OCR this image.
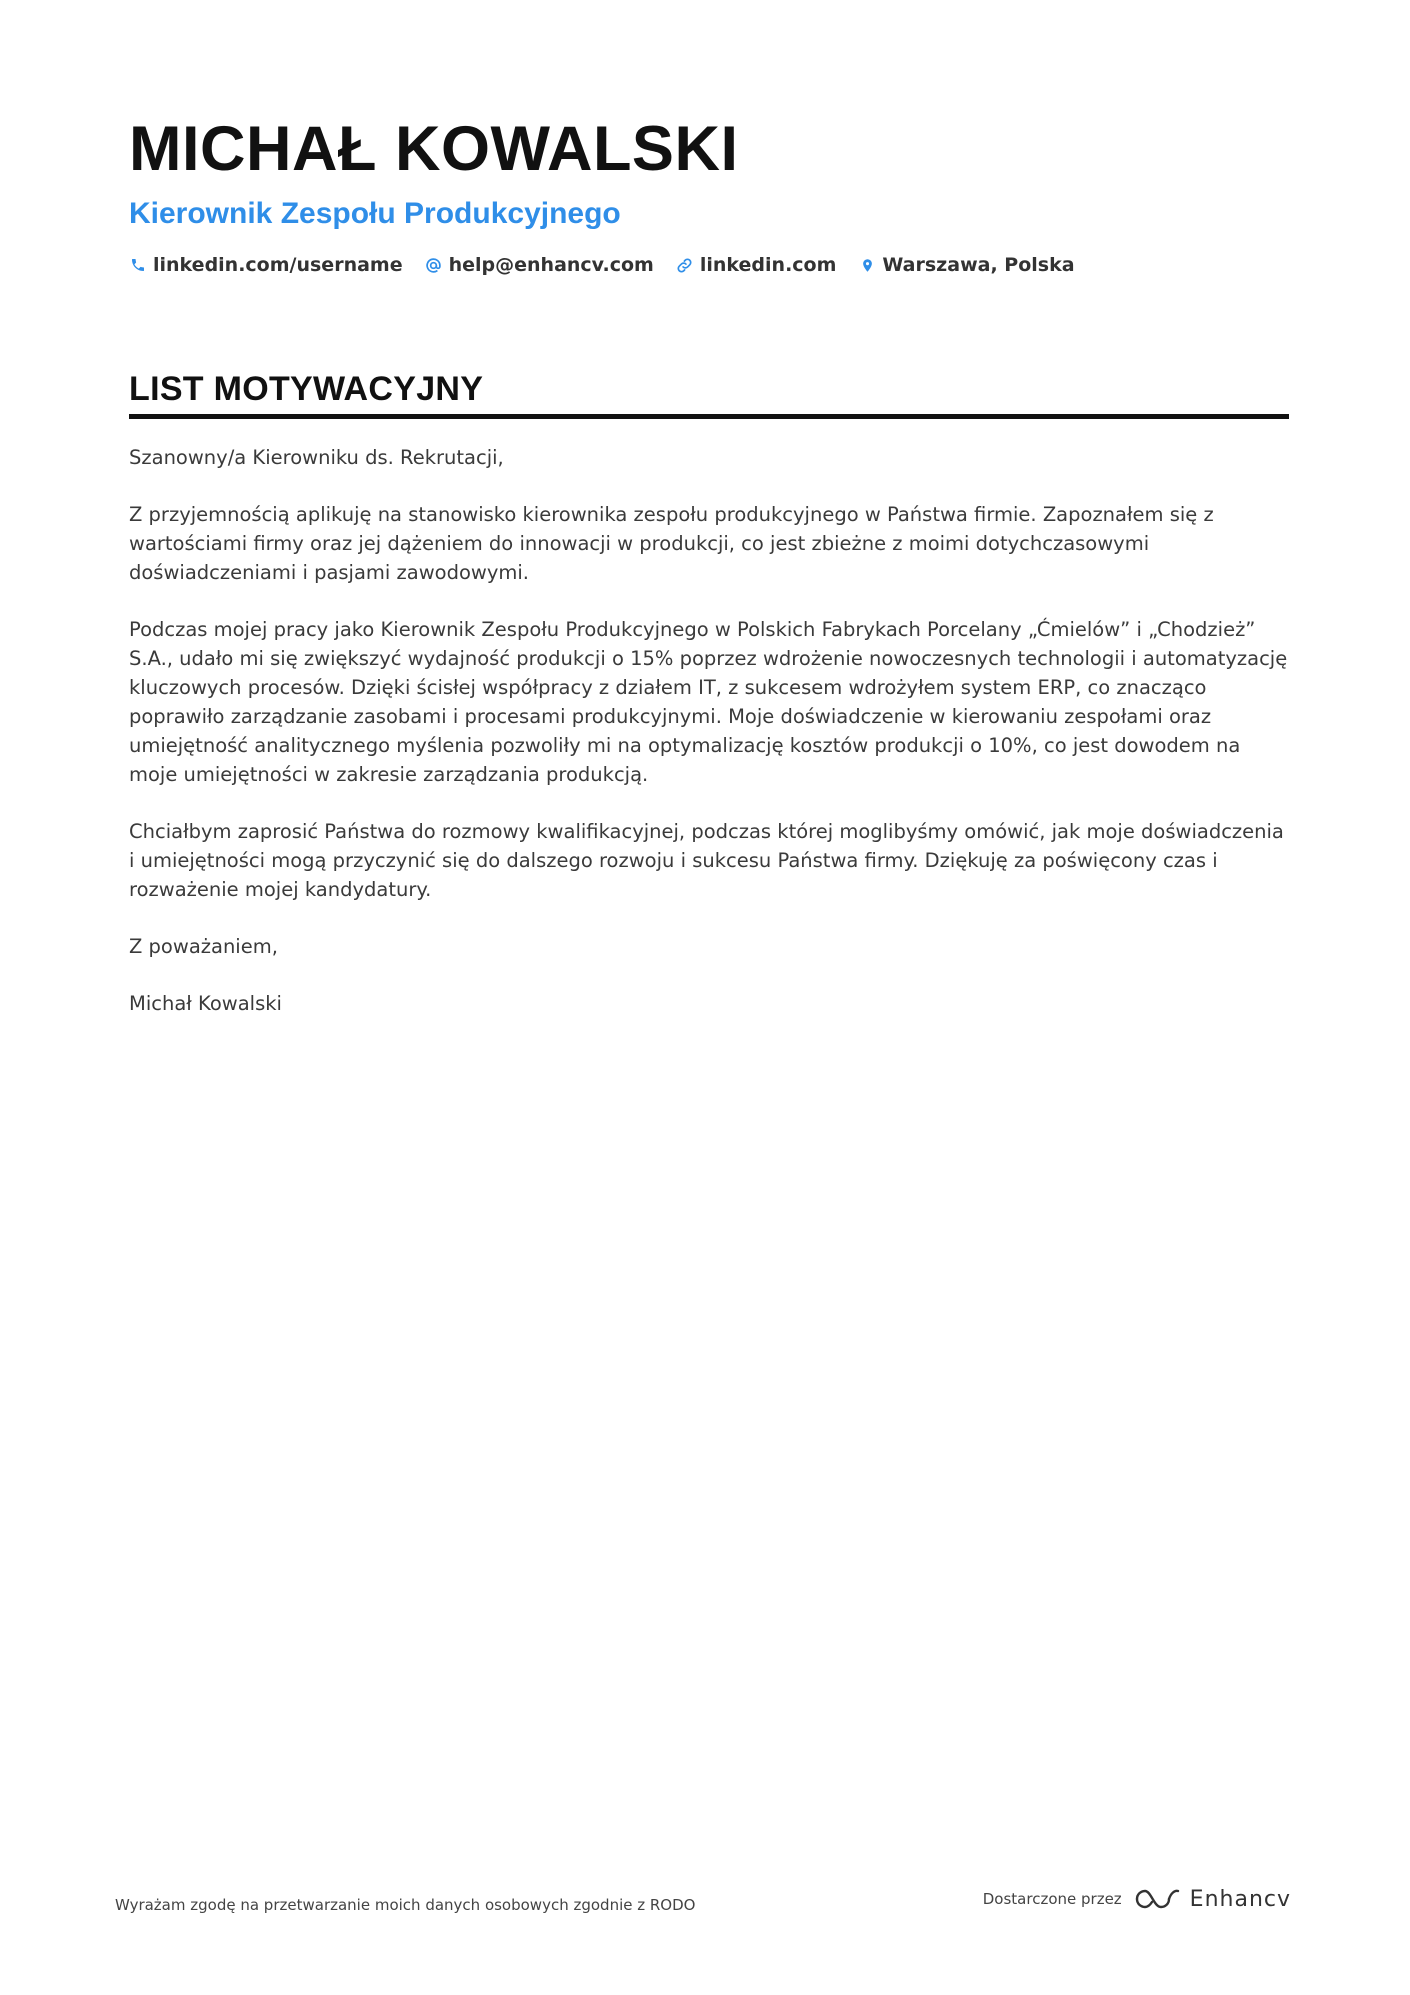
MICHAŁ KOWALSKI
Kierownik Zespołu Produkcyjnego
linkedin.com/username help@enhancv.com linkedin.com Warszawa, Polska
LIST MOTYWACYJNY

Szanowny/a Kierowniku ds. Rekrutacji,

Z przyjemnością aplikuję na stanowisko kierownika zespołu produkcyjnego w Państwa firmie. Zapoznałem się z wartościami firmy oraz jej dążeniem do innowacji w produkcji, co jest zbieżne z moimi dotychczasowymi doświadczeniami i pasjami zawodowymi.

Podczas mojej pracy jako Kierownik Zespołu Produkcyjnego w Polskich Fabrykach Porcelany „Ćmielów” i „Chodzież” S.A., udało mi się zwiększyć wydajność produkcji o 15% poprzez wdrożenie nowoczesnych technologii i automatyzację kluczowych procesów. Dzięki ścisłej współpracy z działem IT, z sukcesem wdrożyłem system ERP, co znacząco poprawiło zarządzanie zasobami i procesami produkcyjnymi. Moje doświadczenie w kierowaniu zespołami oraz umiejętność analitycznego myślenia pozwoliły mi na optymalizację kosztów produkcji o 10%, co jest dowodem na moje umiejętności w zakresie zarządzania produkcją.

Chciałbym zaprosić Państwa do rozmowy kwalifikacyjnej, podczas której moglibyśmy omówić, jak moje doświadczenia i umiejętności mogą przyczynić się do dalszego rozwoju i sukcesu Państwa firmy. Dziękuję za poświęcony czas i rozważenie mojej kandydatury.

Z poważaniem,

Michał Kowalski

Wyrażam zgodę na przetwarzanie moich danych osobowych zgodnie z RODO	Dostarczone przez	Enhancv
